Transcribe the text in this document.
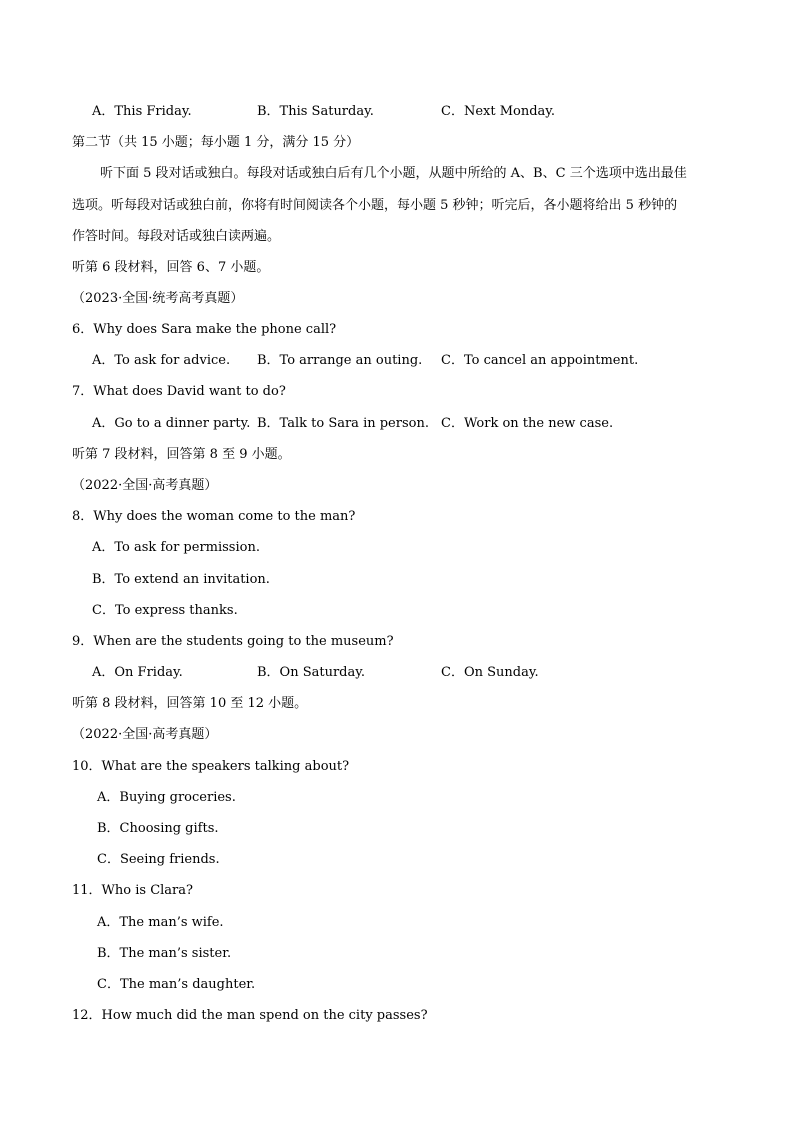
A．This Friday.	B．This Saturday.	C．Next Monday.
第二节（共 15 小题；每小题 1 分，满分 15 分）
听下面 5 段对话或独白。每段对话或独白后有几个小题，从题中所给的 A、B、C 三个选项中选出最佳
选项。听每段对话或独白前，你将有时间阅读各个小题，每小题 5 秒钟；听完后，各小题将给出 5 秒钟的
作答时间。每段对话或独白读两遍。
听第 6 段材料，回答 6、7 小题。
（2023·全国·统考高考真题）
6．Why does Sara make the phone call?
A．To ask for advice. B．To arrange an outing. C．To cancel an appointment.
7．What does David want to do?
A．Go to a dinner party. B．Talk to Sara in person. C．Work on the new case.
听第 7 段材料，回答第 8 至 9 小题。
（2022·全国·高考真题）
8．Why does the woman come to the man?
A．To ask for permission.
B．To extend an invitation.
C．To express thanks.
9．When are the students going to the museum?
A．On Friday.	B．On Saturday.	C．On Sunday.
听第 8 段材料，回答第 10 至 12 小题。
（2022·全国·高考真题）
10．What are the speakers talking about?
A．Buying groceries.
B．Choosing gifts.
C．Seeing friends.
11．Who is Clara?
A．The man’s wife.
B．The man’s sister.
C．The man’s daughter.
12．How much did the man spend on the city passes?
